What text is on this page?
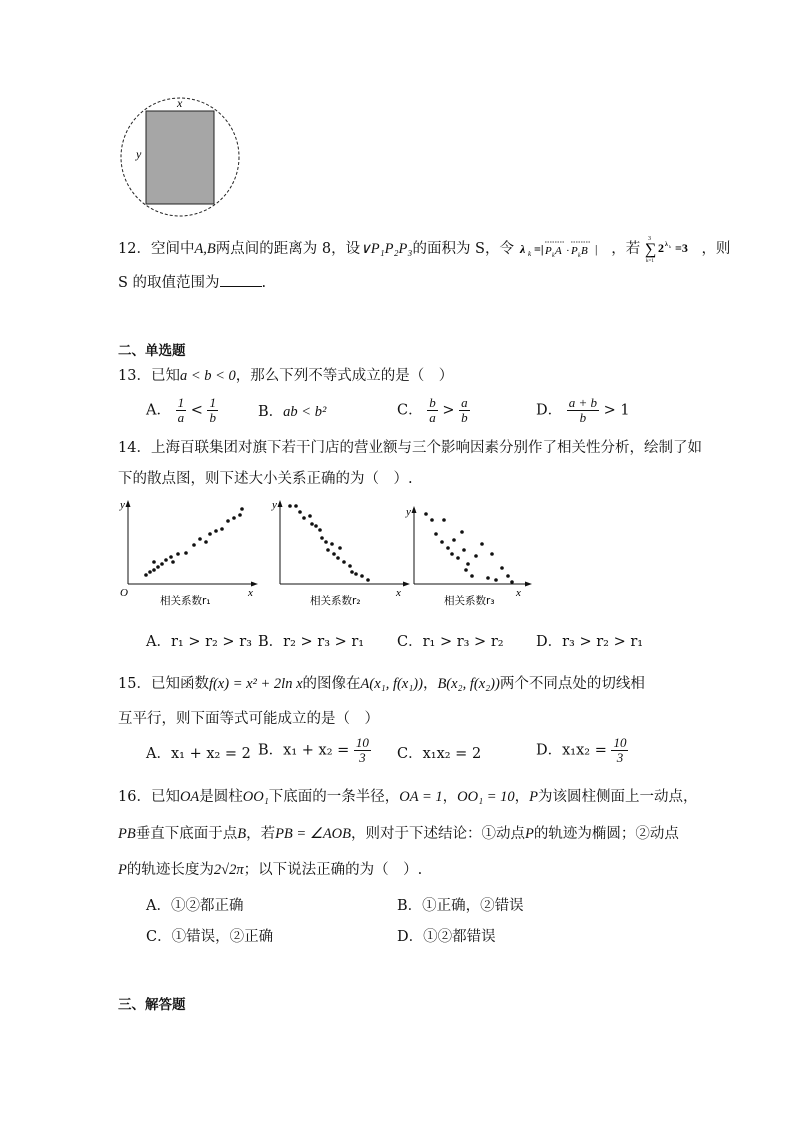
x
y
12．空间中A,B两点间的距离为 8，设∨P₁P₂P₃的面积为 S，令 λ k =| P k A · P k B | ，若
3
∑
k=1
2 λ k =3 ，则
S 的取值范围为	.
二、单选题
13．已知a < b < 0，那么下列不等式成立的是（　）
A． $\frac{1}{a} < \frac{1}{b}$	B．ab < b²	C． $\frac{b}{a} > \frac{a}{b}$	D． $\frac{a + b}{b} > 1$
14．上海百联集团对旗下若干门店的营业额与三个影响因素分别作了相关性分析，绘制了如
下的散点图，则下述大小关系正确的为（　）.
y
x
O
相关系数r₁
y
x
相关系数r₂
y
x
相关系数r₃
A．r₁ > r₂ > r₃ B．r₂ > r₃ > r₁ C．r₁ > r₃ > r₂ D．r₃ > r₂ > r₁
15．已知函数f(x) = x² + 2ln x的图像在A(x₁, f(x₁))，B(x₂, f(x₂))两个不同点处的切线相
互平行，则下面等式可能成立的是（　）
A．x₁ + x₂ = 2 B．$x_1 + x_2 = \frac{10}{3}$ C．x₁x₂ = 2	D．$x_1x_2 = \frac{10}{3}$
16．已知OA是圆柱OO₁下底面的一条半径，OA = 1，OO₁ = 10，P为该圆柱侧面上一动点，
PB垂直下底面于点B，若PB = ∠AOB，则对于下述结论：①动点P的轨迹为椭圆；②动点
P的轨迹长度为2√2π；以下说法正确的为（　）.
A．①②都正确	B．①正确，②错误
C．①错误，②正确	D．①②都错误
三、解答题
